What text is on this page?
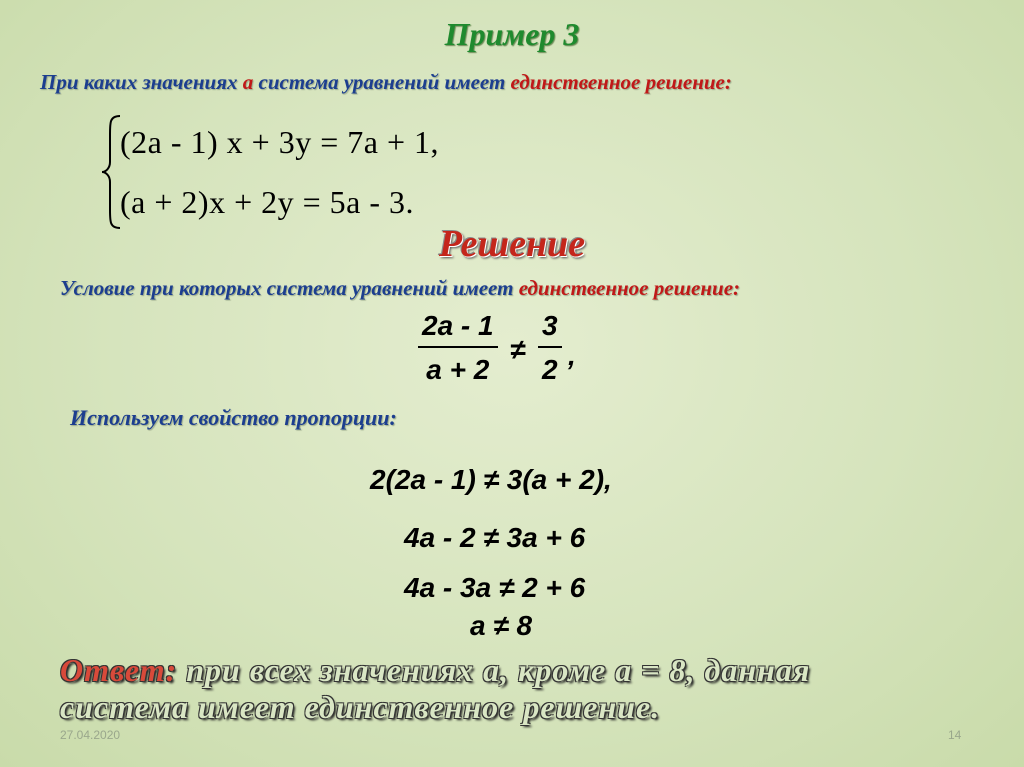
Пример 3
При каких значениях а система уравнений имеет единственное решение:
(2a - 1) x + 3y = 7a + 1,
(a + 2)x + 2y = 5a - 3.
Решение
Условие при которых система уравнений имеет единственное решение:
$\frac{2a - 1}{a + 2} \ne \frac{3}{2}$ ,
Используем свойство пропорции:
2(2a - 1) ≠ 3(a + 2),
4a - 2 ≠ 3a + 6
4a - 3a ≠ 2 + 6
a ≠ 8
Ответ: при всех значениях а, кроме а = 8, данная
система имеет единственное решение.
27.04.2020	14
